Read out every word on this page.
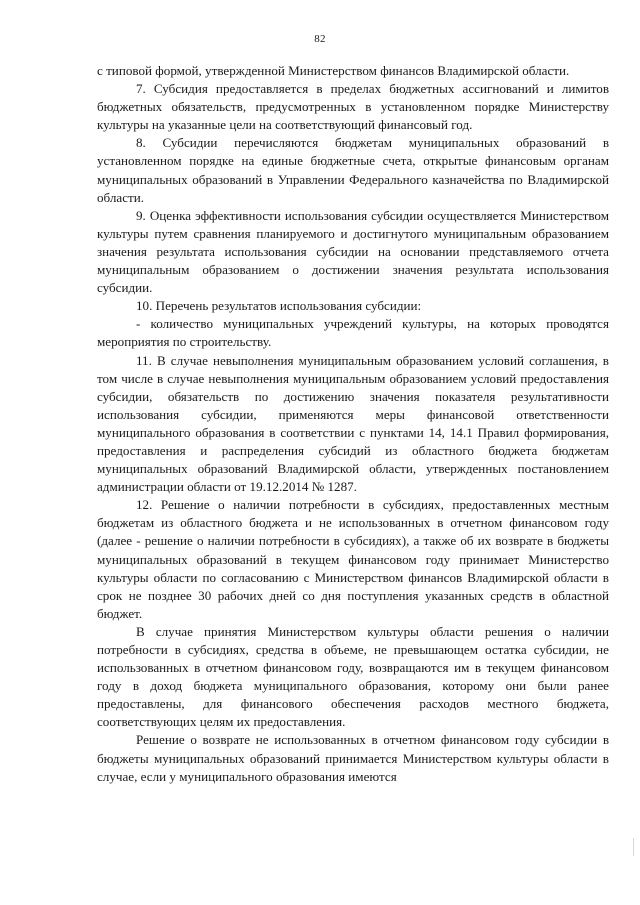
82

с типовой формой, утвержденной Министерством финансов Владимирской области.

7. Субсидия предоставляется в пределах бюджетных ассигнований и лимитов бюджетных обязательств, предусмотренных в установленном порядке Министерству культуры на указанные цели на соответствующий финансовый год.

8. Субсидии перечисляются бюджетам муниципальных образований в установленном порядке на единые бюджетные счета, открытые финансовым органам муниципальных образований в Управлении Федерального казначейства по Владимирской области.

9. Оценка эффективности использования субсидии осуществляется Министерством культуры путем сравнения планируемого и достигнутого муниципальным образованием значения результата использования субсидии на основании представляемого отчета муниципальным образованием о достижении значения результата использования субсидии.

10. Перечень результатов использования субсидии:

- количество муниципальных учреждений культуры, на которых проводятся мероприятия по строительству.

11. В случае невыполнения муниципальным образованием условий соглашения, в том числе в случае невыполнения муниципальным образованием условий предоставления субсидии, обязательств по достижению значения показателя результативности использования субсидии, применяются меры финансовой ответственности муниципального образования в соответствии с пунктами 14, 14.1 Правил формирования, предоставления и распределения субсидий из областного бюджета бюджетам муниципальных образований Владимирской области, утвержденных постановлением администрации области от 19.12.2014 № 1287.

12. Решение о наличии потребности в субсидиях, предоставленных местным бюджетам из областного бюджета и не использованных в отчетном финансовом году (далее - решение о наличии потребности в субсидиях), а также об их возврате в бюджеты муниципальных образований в текущем финансовом году принимает Министерство культуры области по согласованию с Министерством финансов Владимирской области в срок не позднее 30 рабочих дней со дня поступления указанных средств в областной бюджет.

В случае принятия Министерством культуры области решения о наличии потребности в субсидиях, средства в объеме, не превышающем остатка субсидии, не использованных в отчетном финансовом году, возвращаются им в текущем финансовом году в доход бюджета муниципального образования, которому они были ранее предоставлены, для финансового обеспечения расходов местного бюджета, соответствующих целям их предоставления.

Решение о возврате не использованных в отчетном финансовом году субсидии в бюджеты муниципальных образований принимается Министерством культуры области в случае, если у муниципального образования имеются
